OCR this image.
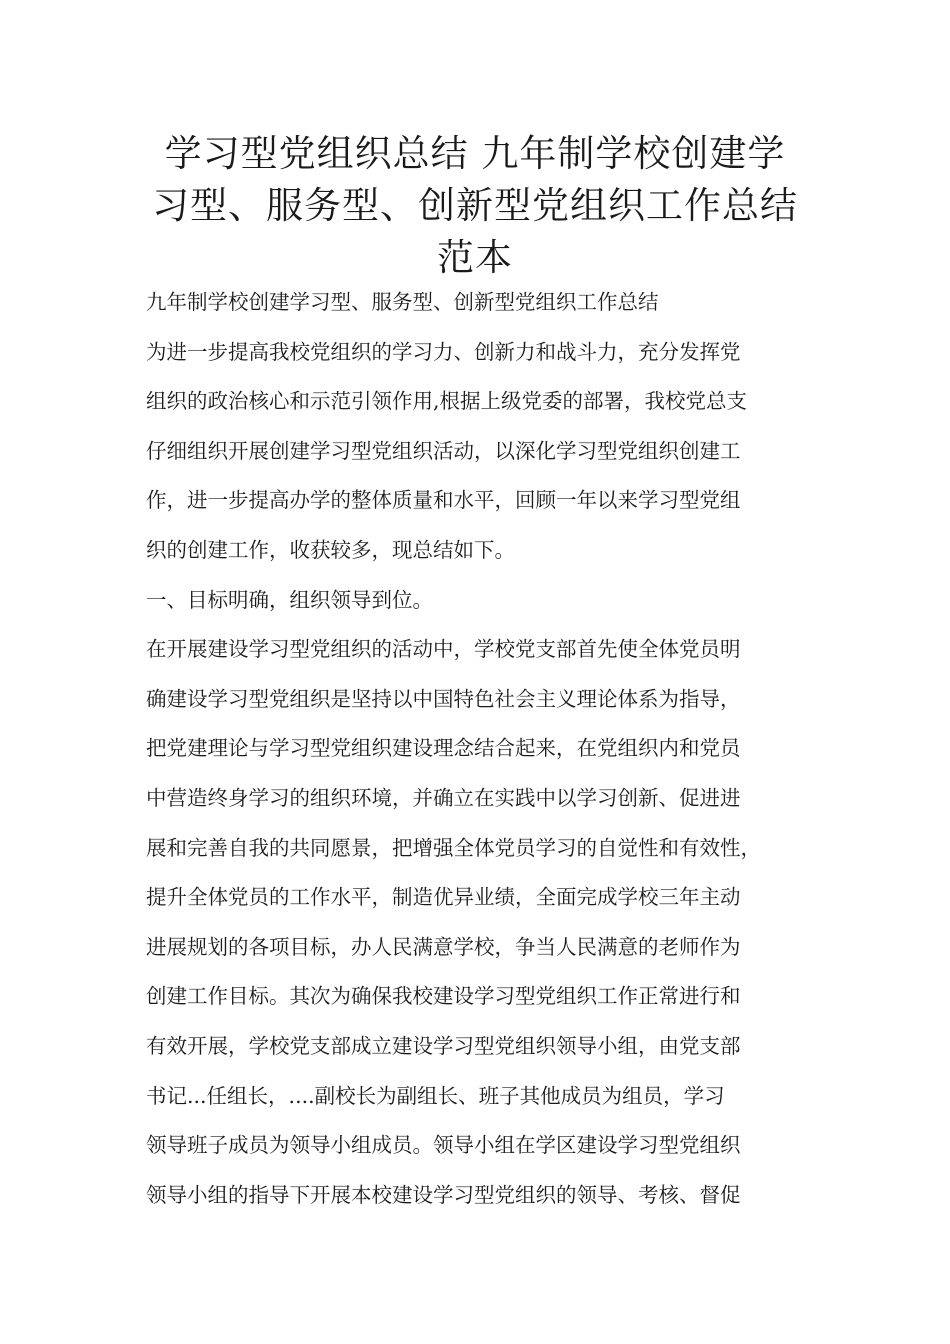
学习型党组织总结 九年制学校创建学
习型、服务型、创新型党组织工作总结
范本

九年制学校创建学习型、服务型、创新型党组织工作总结

为进一步提高我校党组织的学习力、创新力和战斗力，充分发挥党

组织的政治核心和示范引领作用,根据上级党委的部署，我校党总支

仔细组织开展创建学习型党组织活动，以深化学习型党组织创建工

作，进一步提高办学的整体质量和水平，回顾一年以来学习型党组

织的创建工作，收获较多，现总结如下。

一、目标明确，组织领导到位。

在开展建设学习型党组织的活动中，学校党支部首先使全体党员明

确建设学习型党组织是坚持以中国特色社会主义理论体系为指导，

把党建理论与学习型党组织建设理念结合起来，在党组织内和党员

中营造终身学习的组织环境，并确立在实践中以学习创新、促进进

展和完善自我的共同愿景，把增强全体党员学习的自觉性和有效性，

提升全体党员的工作水平，制造优异业绩，全面完成学校三年主动

进展规划的各项目标，办人民满意学校，争当人民满意的老师作为

创建工作目标。其次为确保我校建设学习型党组织工作正常进行和

有效开展，学校党支部成立建设学习型党组织领导小组，由党支部

书记...任组长，....副校长为副组长、班子其他成员为组员，学习

领导班子成员为领导小组成员。领导小组在学区建设学习型党组织

领导小组的指导下开展本校建设学习型党组织的领导、考核、督促
